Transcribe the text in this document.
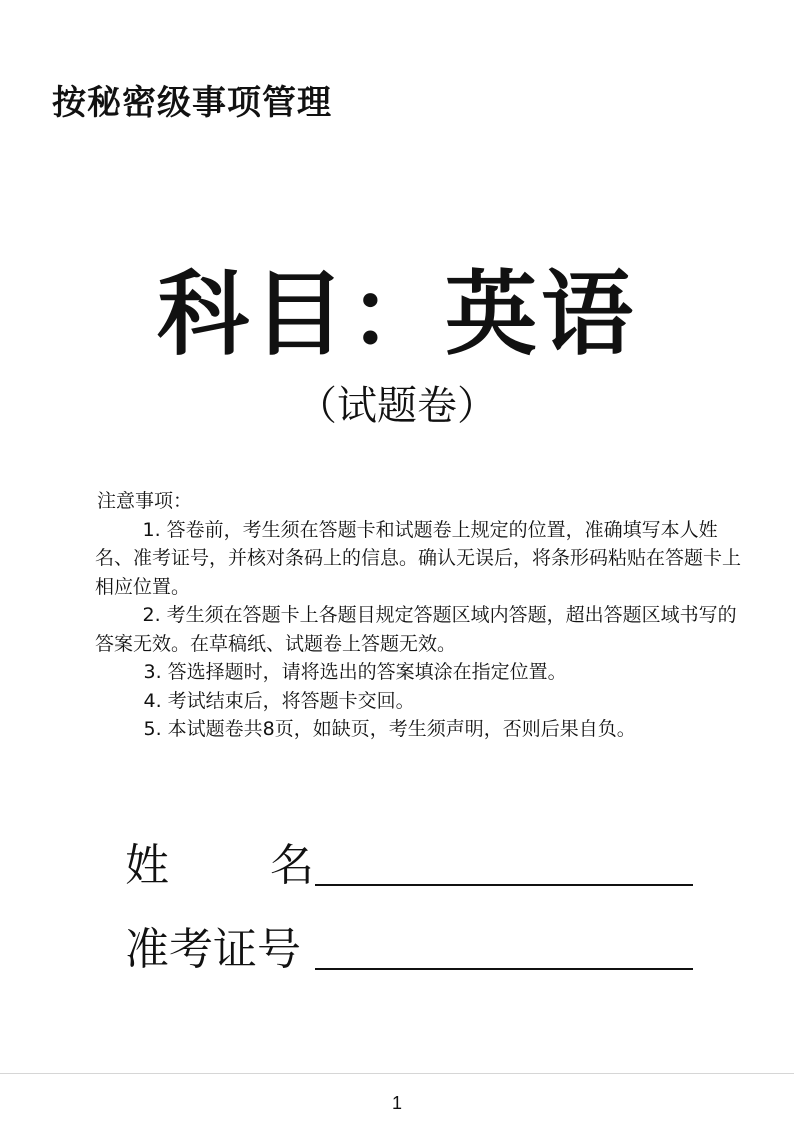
按秘密级事项管理
科目：英语
（试题卷）
注意事项：
1. 答卷前，考生须在答题卡和试题卷上规定的位置，准确填写本人姓名、准考证号，并核对条码上的信息。确认无误后，将条形码粘贴在答题卡上相应位置。
2. 考生须在答题卡上各题目规定答题区域内答题，超出答题区域书写的答案无效。在草稿纸、试题卷上答题无效。
3. 答选择题时，请将选出的答案填涂在指定位置。
4. 考试结束后，将答题卡交回。
5. 本试题卷共8页，如缺页，考生须声明，否则后果自负。
姓 名
准考证号
1
